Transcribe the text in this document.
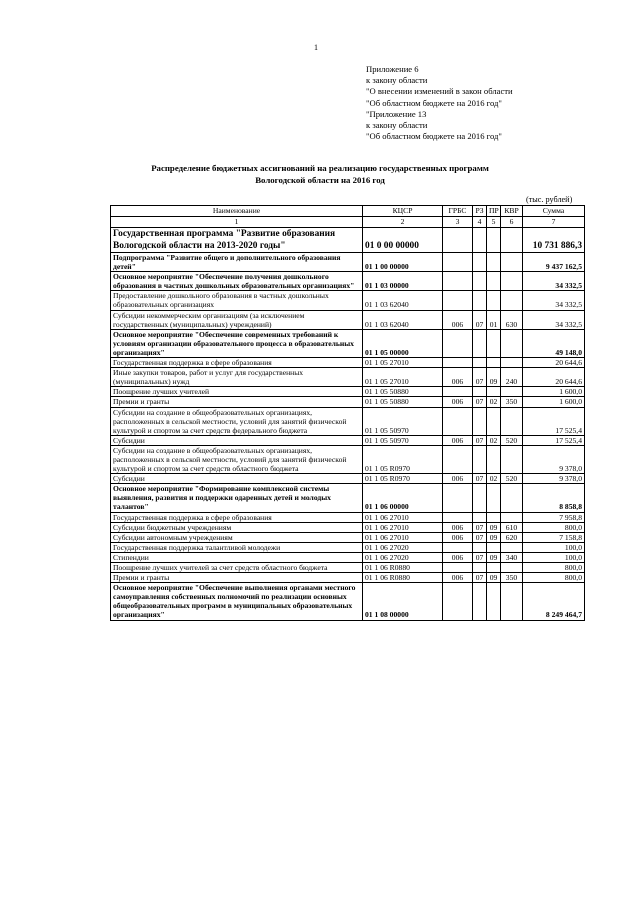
1
Приложение 6
к закону области
"О внесении изменений в закон области
"Об областном бюджете на 2016 год"
"Приложение 13
к закону области
"Об областном бюджете на 2016 год"
Распределение бюджетных ассигнований на реализацию государственных программ
Вологодской области на 2016 год
(тыс. рублей)
Наименование	КЦСР	ГРБС	РЗ	ПР	КВР	Сумма
1	2	3	4	5	6	7
Государственная программа "Развитие образования Вологодской области на 2013-2020 годы"	01 0 00 00000					10 731 886,3
Подпрограмма "Развитие общего и дополнительного образования детей"	01 1 00 00000					9 437 162,5
Основное мероприятие "Обеспечение получения дошкольного образования в частных дошкольных образовательных организациях"	01 1 03 00000					34 332,5
Предоставление дошкольного образования в частных дошкольных образовательных организациях	01 1 03 62040					34 332,5
Субсидии некоммерческим организациям (за исключением государственных (муниципальных) учреждений)	01 1 03 62040	006	07	01	630	34 332,5
Основное мероприятие "Обеспечение современных требований к условиям организации образовательного процесса в образовательных организациях"	01 1 05 00000					49 148,0
Государственная поддержка в сфере образования	01 1 05 27010					20 644,6
Иные закупки товаров, работ и услуг для государственных (муниципальных) нужд	01 1 05 27010	006	07	09	240	20 644,6
Поощрение лучших учителей	01 1 05 50880					1 600,0
Премии и гранты	01 1 05 50880	006	07	02	350	1 600,0
Субсидии на создание в общеобразовательных организациях, расположенных в сельской местности, условий для занятий физической культурой и спортом за счет средств федерального бюджета	01 1 05 50970					17 525,4
Субсидии	01 1 05 50970	006	07	02	520	17 525,4
Субсидии на создание в общеобразовательных организациях, расположенных в сельской местности, условий для занятий физической культурой и спортом за счет средств областного бюджета	01 1 05 R0970					9 378,0
Субсидии	01 1 05 R0970	006	07	02	520	9 378,0
Основное мероприятие "Формирование комплексной системы выявления, развития и поддержки одаренных детей и молодых талантов"	01 1 06 00000					8 858,8
Государственная поддержка в сфере образования	01 1 06 27010					7 958,8
Субсидии бюджетным учреждениям	01 1 06 27010	006	07	09	610	800,0
Субсидии автономным учреждениям	01 1 06 27010	006	07	09	620	7 158,8
Государственная поддержка талантливой молодежи	01 1 06 27020					100,0
Стипендии	01 1 06 27020	006	07	09	340	100,0
Поощрение лучших учителей за счет средств областного бюджета	01 1 06 R0880					800,0
Премии и гранты	01 1 06 R0880	006	07	09	350	800,0
Основное мероприятие "Обеспечение выполнения органами местного самоуправления собственных полномочий по реализации основных общеобразовательных программ в муниципальных образовательных организациях"	01 1 08 00000					8 249 464,7
